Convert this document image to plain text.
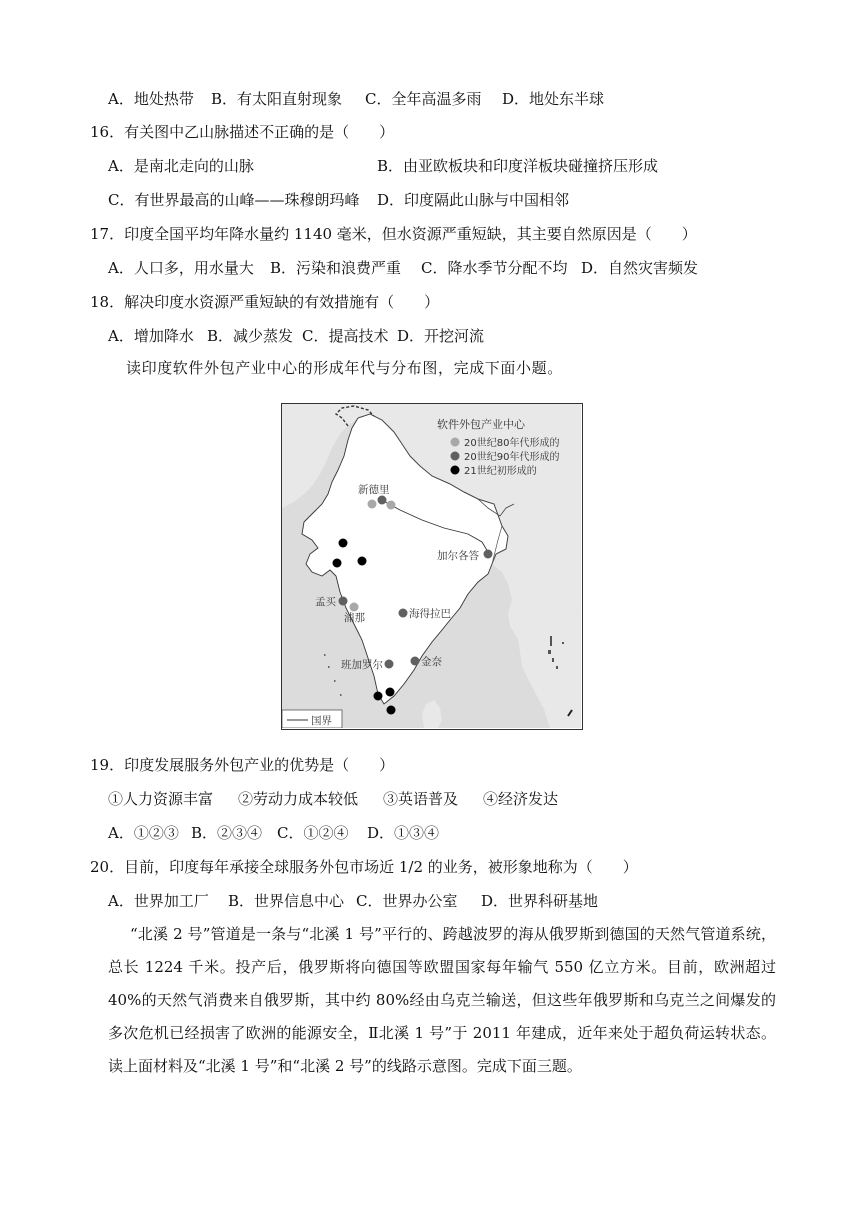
A．地处热带 B．有太阳直射现象 C．全年高温多雨 D．地处东半球
16．有关图中乙山脉描述不正确的是（　　）
A．是南北走向的山脉	B．由亚欧板块和印度洋板块碰撞挤压形成
C．有世界最高的山峰——珠穆朗玛峰 D．印度隔此山脉与中国相邻
17．印度全国平均年降水量约 1140 毫米，但水资源严重短缺，其主要自然原因是（　　）
A．人口多，用水量大 B．污染和浪费严重 C．降水季节分配不均 D．自然灾害频发
18．解决印度水资源严重短缺的有效措施有（　　）
A．增加降水 B．减少蒸发 C．提高技术 D．开挖河流
读印度软件外包产业中心的形成年代与分布图，完成下面小题。
软件外包产业中心
20世纪80年代形成的
20世纪90年代形成的
21世纪初形成的
新德里
加尔各答
孟买
浦那	海得拉巴
班加罗尔	金奈
国界
19．印度发展服务外包产业的优势是（　　）
①人力资源丰富 ②劳动力成本较低 ③英语普及 ④经济发达
A．①②③ B．②③④ C．①②④ D．①③④
20．目前，印度每年承接全球服务外包市场近 1/2 的业务，被形象地称为（　　）
A．世界加工厂 B．世界信息中心 C．世界办公室 D．世界科研基地
“北溪 2 号”管道是一条与“北溪 1 号”平行的、跨越波罗的海从俄罗斯到德国的天然气管道系统，总长 1224 千米。投产后，俄罗斯将向德国等欧盟国家每年输气 550 亿立方米。目前，欧洲超过 40%的天然气消费来自俄罗斯，其中约 80%经由乌克兰输送，但这些年俄罗斯和乌克兰之间爆发的多次危机已经损害了欧洲的能源安全，Ⅱ北溪 1 号”于 2011 年建成，近年来处于超负荷运转状态。读上面材料及“北溪 1 号”和“北溪 2 号”的线路示意图。完成下面三题。
